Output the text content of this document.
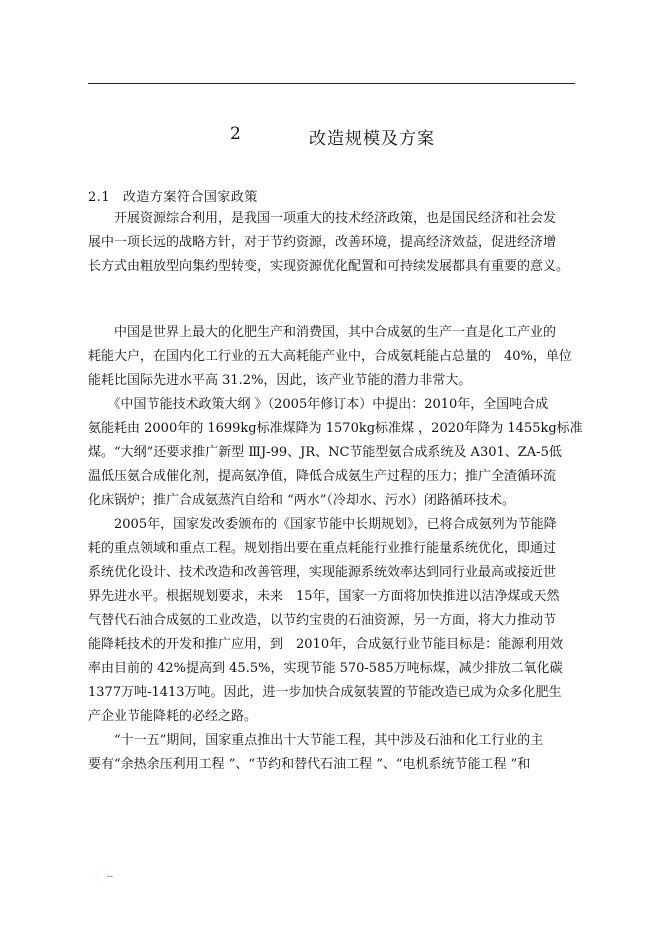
2	改造规模及方案
2.1 改造方案符合国家政策
　　开展资源综合利用，是我国一项重大的技术经济政策，也是国民经济和社会发
展中一项长远的战略方针，对于节约资源，改善环境，提高经济效益，促进经济增
长方式由粗放型向集约型转变，实现资源优化配置和可持续发展都具有重要的意义。
　　中国是世界上最大的化肥生产和消费国，其中合成氨的生产一直是化工产业的
耗能大户，在国内化工行业的五大高耗能产业中，合成氨耗能占总量的　40%，单位
能耗比国际先进水平高 31.2%，因此，该产业节能的潜力非常大。
　　《中国节能技术政策大纲 》（2005年修订本）中提出：2010年，全国吨合成
氨能耗由 2000年的 1699kg标准煤降为 1570kg标准煤 ，2020年降为 1455kg标准
煤。“大纲”还要求推广新型 ⅢJ-99、JR、NC节能型氨合成系统及 A301、ZA-5低
温低压氨合成催化剂，提高氨净值，降低合成氨生产过程的压力；推广全渣循环流
化床锅炉；推广合成氨蒸汽自给和 “两水”（冷却水、污水）闭路循环技术。
　　2005年，国家发改委颁布的《国家节能中长期规划》，已将合成氨列为节能降
耗的重点领域和重点工程。规划指出要在重点耗能行业推行能量系统优化，即通过
系统优化设计、技术改造和改善管理，实现能源系统效率达到同行业最高或接近世
界先进水平。根据规划要求，未来　15年，国家一方面将加快推进以洁净煤或天然
气替代石油合成氨的工业改造，以节约宝贵的石油资源，另一方面，将大力推动节
能降耗技术的开发和推广应用，到　2010年，合成氨行业节能目标是：能源利用效
率由目前的 42%提高到 45.5%，实现节能 570-585万吨标煤，减少排放二氧化碳
1377万吨-1413万吨。因此，进一步加快合成氨装置的节能改造已成为众多化肥生
产企业节能降耗的必经之路。
　　“十一五”期间，国家重点推出十大节能工程，其中涉及石油和化工行业的主
要有“余热余压利用工程 ”、“节约和替代石油工程 ”、“电机系统节能工程 ”和
--
